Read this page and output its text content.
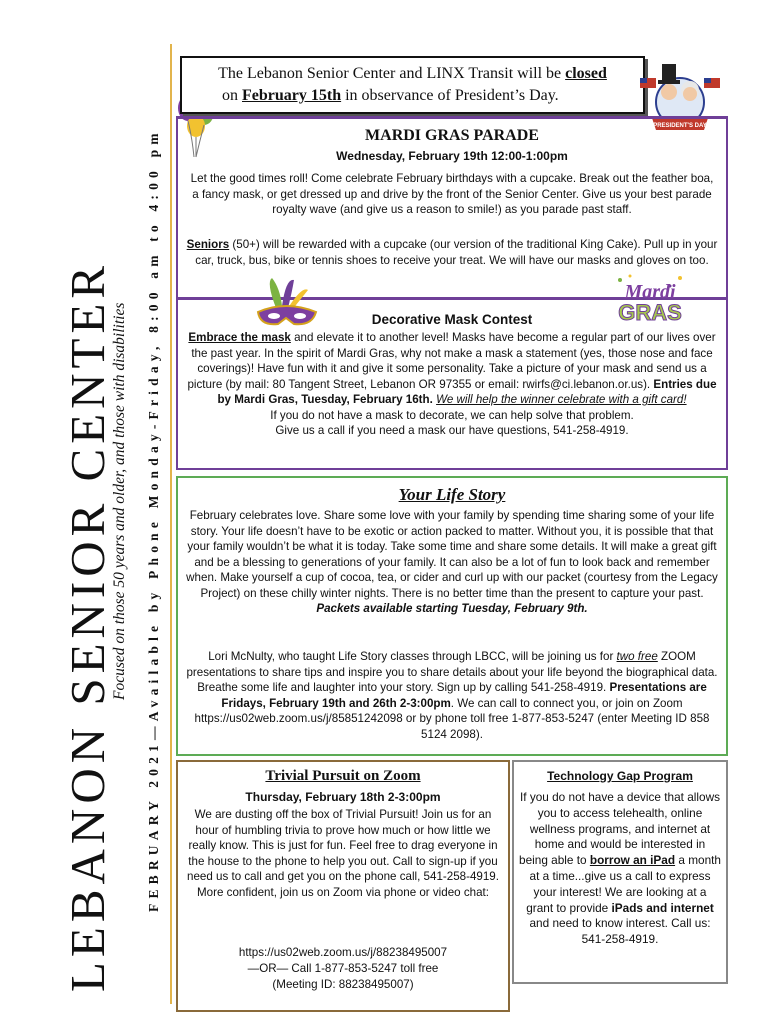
LEBANON SENIOR CENTER
Focused on those 50 years and older, and those with disabilities FEBRUARY 2021—Available by Phone Monday-Friday, 8:00 am to 4:00 pm
The Lebanon Senior Center and LINX Transit will be closed
on February 15th in observance of President’s Day.
PRESIDENT'S DAY
MARDI GRAS PARADE
Wednesday, February 19th 12:00-1:00pm
Let the good times roll! Come celebrate February birthdays with a cupcake. Break out the feather boa, a fancy mask, or get dressed up and drive by the front of the Senior Center. Give us your best parade royalty wave (and give us a reason to smile!) as you parade past staff.
Seniors (50+) will be rewarded with a cupcake (our version of the traditional King Cake). Pull up in your car, truck, bus, bike or tennis shoes to receive your treat. We will have our masks and gloves on too.
Decorative Mask Contest
Embrace the mask and elevate it to another level! Masks have become a regular part of our lives over the past year. In the spirit of Mardi Gras, why not make a mask a statement (yes, those nose and face coverings)! Have fun with it and give it some personality. Take a picture of your mask and send us a picture (by mail: 80 Tangent Street, Lebanon OR 97355 or email: rwirfs@ci.lebanon.or.us). Entries due by Mardi Gras, Tuesday, February 16th. We will help the winner celebrate with a gift card!
If you do not have a mask to decorate, we can help solve that problem.
Give us a call if you need a mask our have questions, 541-258-4919.
Mardi
GRAS
Your Life Story
February celebrates love. Share some love with your family by spending time sharing some of your life story. Your life doesn’t have to be exotic or action packed to matter. Without you, it is possible that that your family wouldn’t be what it is today. Take some time and share some details. It will make a great gift and be a blessing to generations of your family. It can also be a lot of fun to look back and remember when. Make yourself a cup of cocoa, tea, or cider and curl up with our packet (courtesy from the Legacy Project) on these chilly winter nights. There is no better time than the present to capture your past. Packets available starting Tuesday, February 9th.
Lori McNulty, who taught Life Story classes through LBCC, will be joining us for two free ZOOM presentations to share tips and inspire you to share details about your life beyond the biographical data. Breathe some life and laughter into your story. Sign up by calling 541-258-4919. Presentations are Fridays, February 19th and 26th 2-3:00pm. We can call to connect you, or join on Zoom https://us02web.zoom.us/j/85851242098 or by phone toll free 1-877-853-5247 (enter Meeting ID 858 5124 2098).
Trivial Pursuit on Zoom
Thursday, February 18th 2-3:00pm
We are dusting off the box of Trivial Pursuit! Join us for an hour of humbling trivia to prove how much or how little we really know. This is just for fun. Feel free to drag everyone in the house to the phone to help you out. Call to sign-up if you need us to call and get you on the phone call, 541-258-4919. More confident, join us on Zoom via phone or video chat:
https://us02web.zoom.us/j/88238495007
—OR— Call 1-877-853-5247 toll free
(Meeting ID: 88238495007)
Technology Gap Program
If you do not have a device that allows you to access telehealth, online wellness programs, and internet at home and would be interested in being able to borrow an iPad a month at a time...give us a call to express your interest! We are looking at a grant to provide iPads and internet and need to know interest. Call us: 541-258-4919.
